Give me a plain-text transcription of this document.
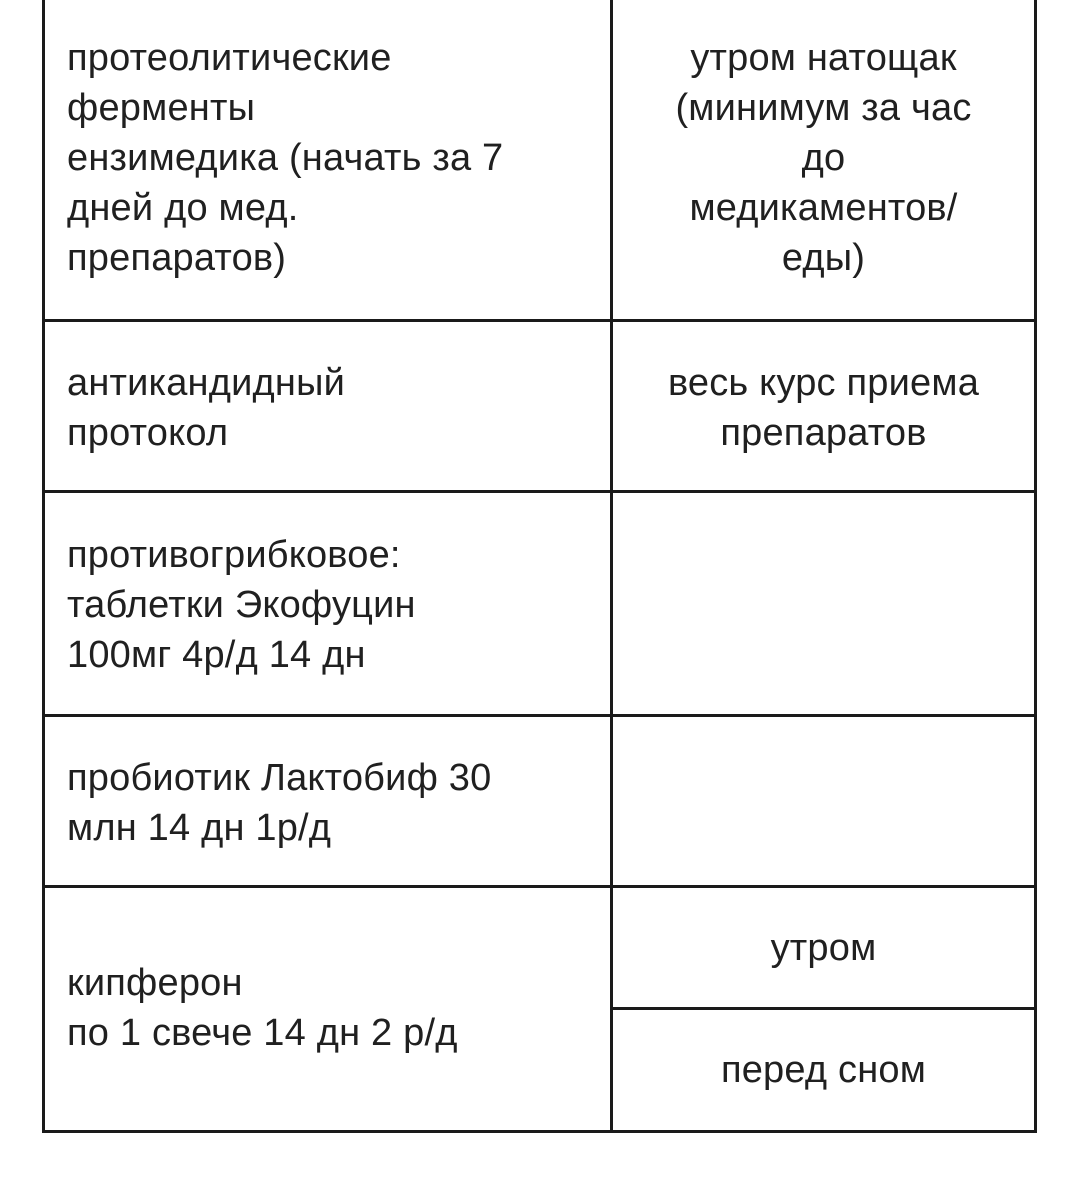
протеолитические
ферменты
ензимедика (начать за 7
дней до мед.
препаратов)
утром натощак
(минимум за час
до
медикаментов/
еды)
антикандидный
протокол
весь курс приема
препаратов
противогрибковое:
таблетки Экофуцин
100мг 4р/д 14 дн
пробиотик Лактобиф 30
млн 14 дн 1р/д
кипферон
по 1 свече 14 дн 2 р/д
утром
перед сном
